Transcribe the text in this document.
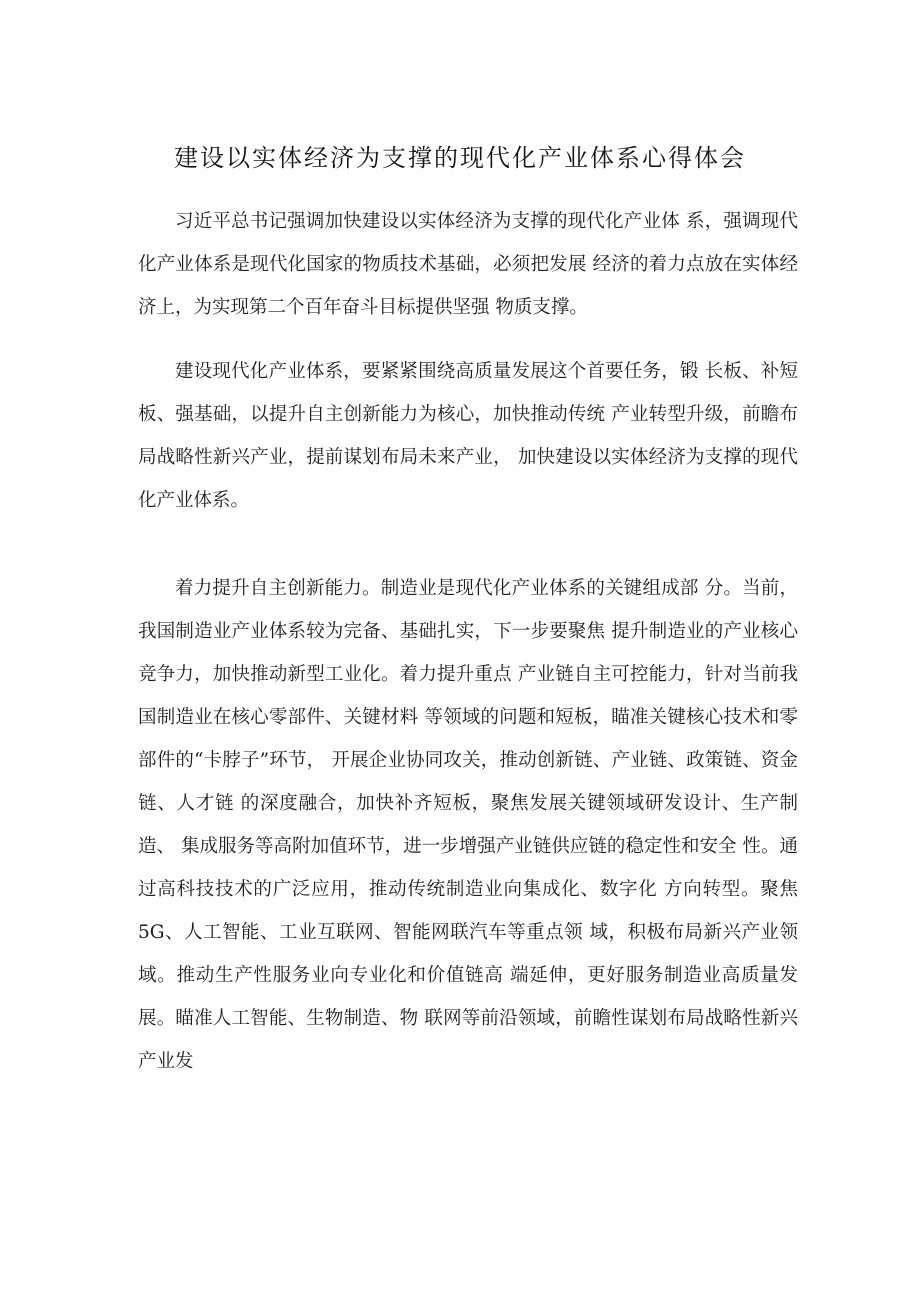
建设以实体经济为支撑的现代化产业体系心得体会

习近平总书记强调加快建设以实体经济为支撑的现代化产业体 系，强调现代化产业体系是现代化国家的物质技术基础，必须把发展 经济的着力点放在实体经济上，为实现第二个百年奋斗目标提供坚强 物质支撑。

建设现代化产业体系，要紧紧围绕高质量发展这个首要任务，锻 长板、补短板、强基础，以提升自主创新能力为核心，加快推动传统 产业转型升级，前瞻布局战略性新兴产业，提前谋划布局未来产业， 加快建设以实体经济为支撑的现代化产业体系。

着力提升自主创新能力。制造业是现代化产业体系的关键组成部 分。当前，我国制造业产业体系较为完备、基础扎实，下一步要聚焦 提升制造业的产业核心竞争力，加快推动新型工业化。着力提升重点 产业链自主可控能力，针对当前我国制造业在核心零部件、关键材料 等领域的问题和短板，瞄准关键核心技术和零部件的“卡脖子”环节， 开展企业协同攻关，推动创新链、产业链、政策链、资金链、人才链 的深度融合，加快补齐短板，聚焦发展关键领域研发设计、生产制造、 集成服务等高附加值环节，进一步增强产业链供应链的稳定性和安全 性。通过高科技技术的广泛应用，推动传统制造业向集成化、数字化 方向转型。聚焦5G、人工智能、工业互联网、智能网联汽车等重点领 域，积极布局新兴产业领域。推动生产性服务业向专业化和价值链高 端延伸，更好服务制造业高质量发展。瞄准人工智能、生物制造、物 联网等前沿领域，前瞻性谋划布局战略性新兴产业发
